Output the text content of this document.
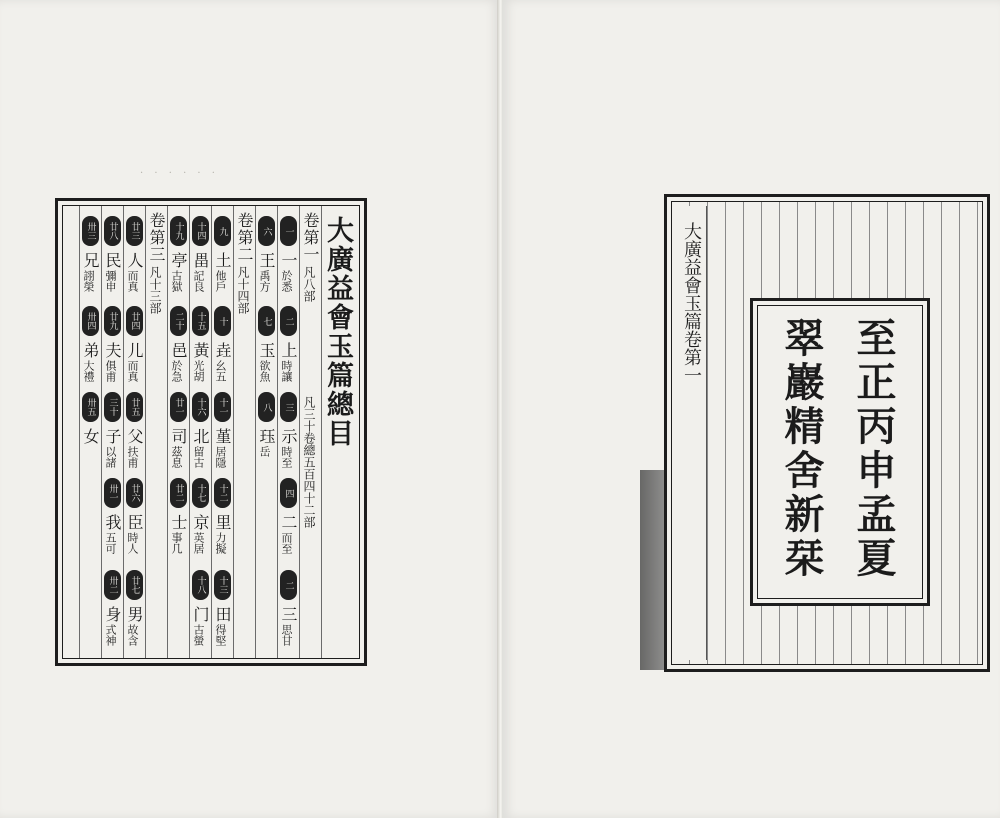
· · · · · ·
大廣益會玉篇總目
卷第一
凡八部
凡三十卷總五百四十二部
一
一
於悉
二
上
時讓
三
示
時至
四
二
而至
二
三
思甘
六
王
禹方
七
玉
欲魚
八
珏
岳
卷第二
凡十四部
九
土
他戶
十
垚
幺五
十一
堇
居隱
十二
里
力擬
十三
田
得堅
十四
畕
記良
十五
黃
光胡
十六
北
留古
十七
京
英居
十八
门
古螢
十九
亭
古獄
二十
邑
於急
廿一
司
茲息
廿二
士
事几
卷第三
凡十三部
廿三
人
而真
廿四
儿
而真
廿五
父
扶甫
廿六
臣
時人
廿七
男
故含
廿八
民
彌申
廿九
夫
俱甫
三十
子
以諸
卅一
我
五可
卅二
身
式神
卅三
兄
詡榮
卅四
弟
大禮
卅五
女
大廣益會玉篇卷第一
至正丙申孟夏
翠巖精舍新栞
